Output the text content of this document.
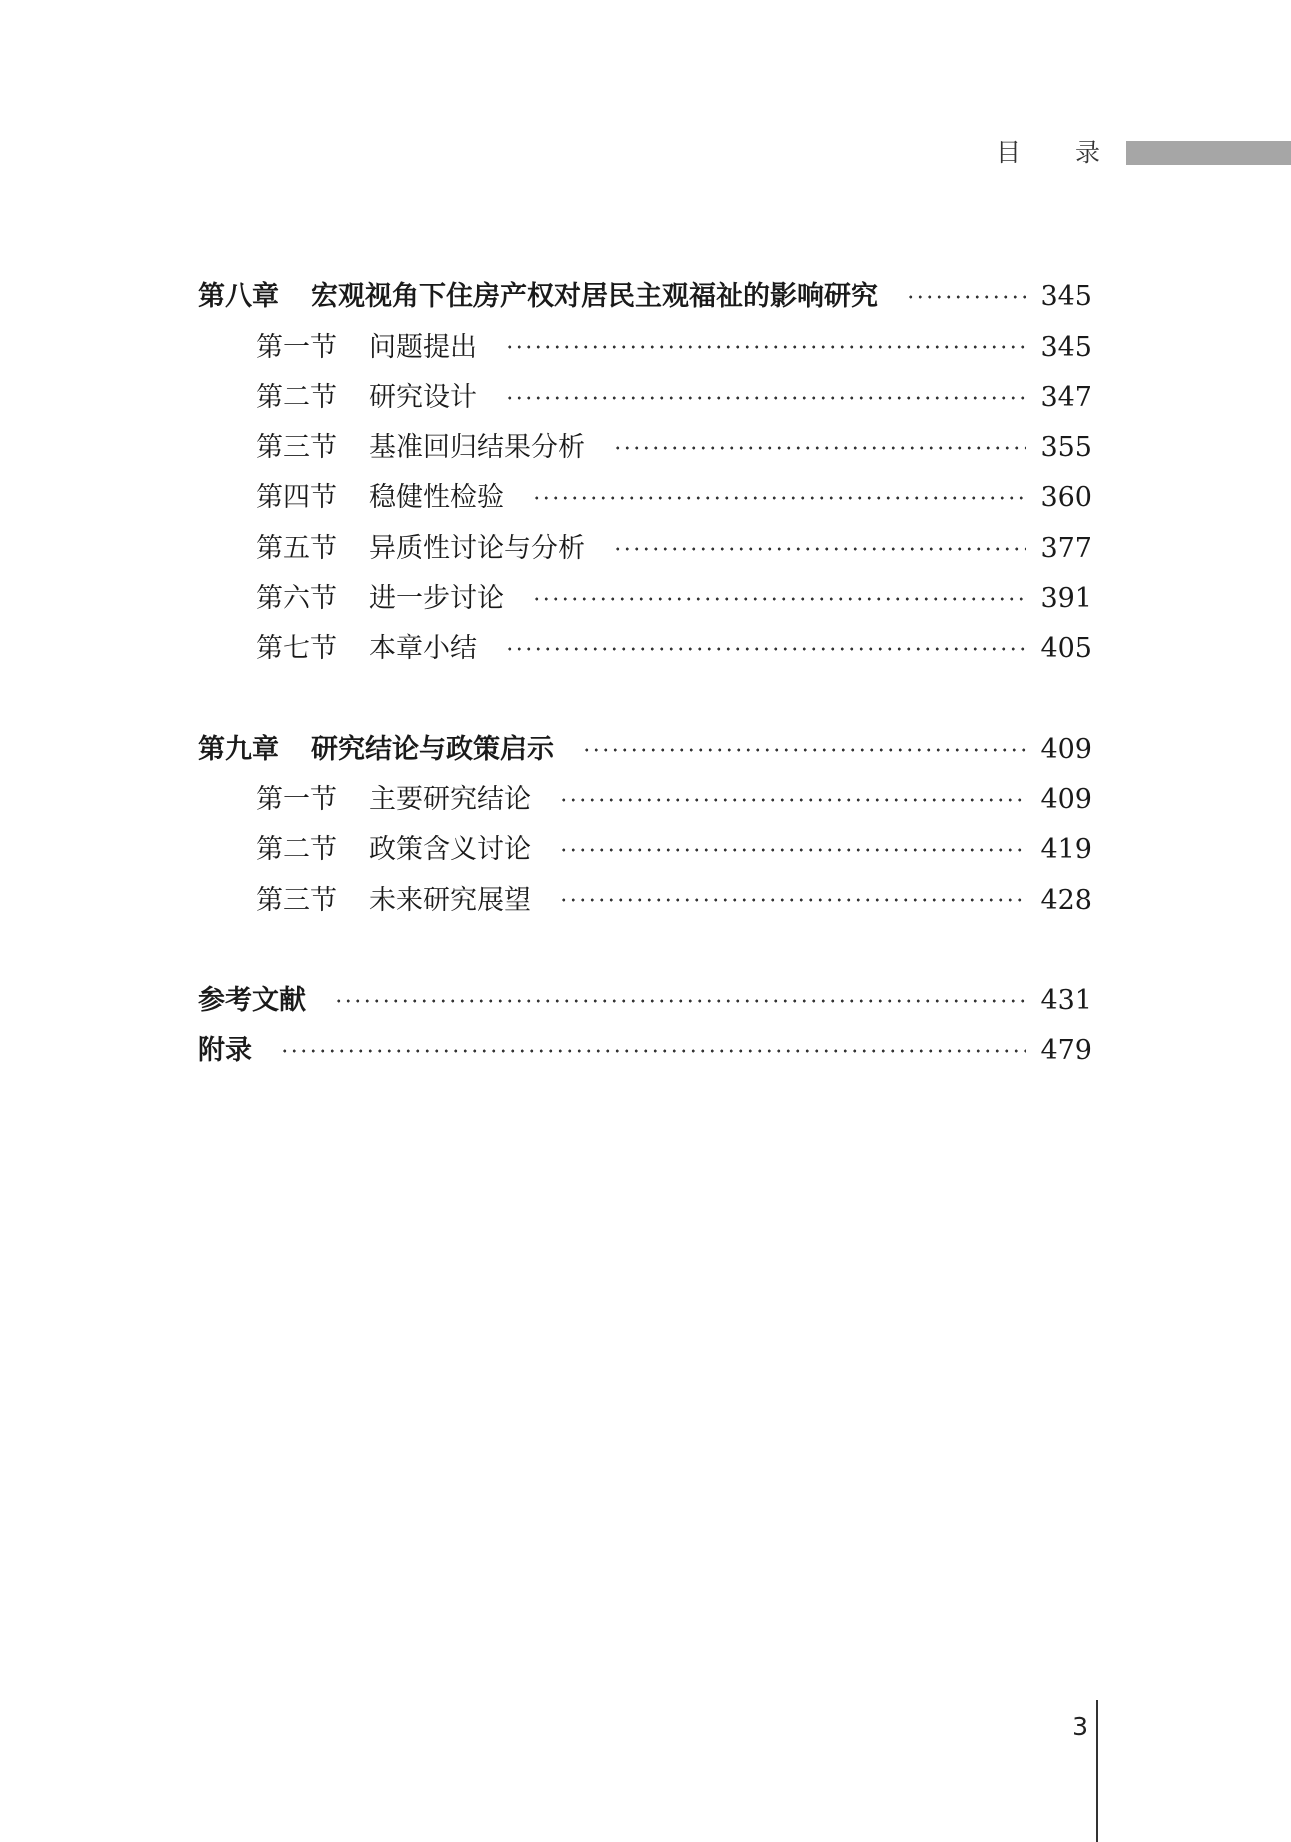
目 录
第八章 宏观视角下住房产权对居民主观福祉的影响研究	345
第一节 问题提出	345
第二节 研究设计	347
第三节 基准回归结果分析	355
第四节 稳健性检验	360
第五节 异质性讨论与分析	377
第六节 进一步讨论	391
第七节 本章小结	405
第九章 研究结论与政策启示	409
第一节 主要研究结论	409
第二节 政策含义讨论	419
第三节 未来研究展望	428
参考文献	431
附录	479
3
